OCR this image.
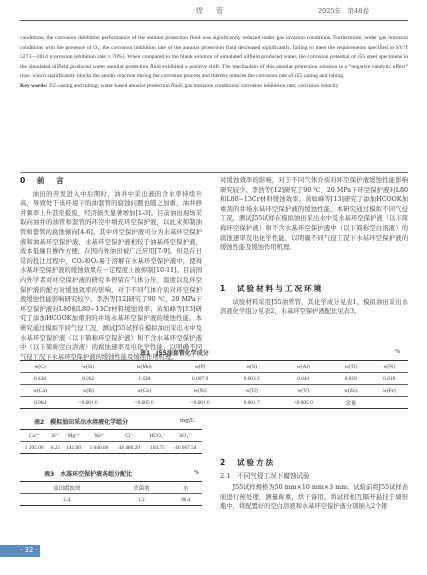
焊　管	2025年　第48卷
conditions, the corrosion inhibition performance of the annular protection fluid was significantly reduced under gas invasion conditions. Furthermore, under gas intrusion conditions with the presence of O₂, the corrosion inhibition rate of the annular protection fluid decreased significantly, failing to meet the requirements specified in SY/T 5273—2014 (corrosion inhibition rate ≥ 70%). When compared to the blank solution of simulated oilfield produced water, the corrosion potential of J55 steel specimens in the simulated oilfield produced water annular protection fluid exhibited a positive shift. The mechanism of this annular protection solution is a “negative catalytic effect” type, which significantly blocks the anodic reaction during the corrosion process and thereby reduces the corrosion rate of J55 casing and tubing.
Key words: J55 casing and tubing; water-based annular protection fluid; gas intrusion conditions; corrosion inhibition rate; corrosion velocity
0　前　言

油田的开发进入中后期时，油井中采出液的含水率持续升高，导致处于该环境下的油套管的腐蚀问题也随之加重，油井修井频率上升甚至报废，经济损失显著增加[1-3]。目前油田现场采取向油井的油管和套管的环空中填充环空保护液，以此来抑制油管和套管的腐蚀倾向[4-6]。其中环空保护液可分为水基环空保护液和油基环空保护液，水基环空保护液相较于油基环空保护液，成本低廉且操作方便，在国内外油田被广泛应用[7-9]。但是在日常的投注过程中，CO₂和O₂易于溶解在水基环空保护液中，使得水基环空保护液的缓蚀效果在一定程度上被抑制[10-11]。目前国内外学者对环空保护液的研究多停留在气体分压、温度以及环空保护液的配方对缓蚀效率的影响，对于不同气体介质对环空保护液缓蚀性能影响研究较少。李浩等[12]研究了90 ℃、20 MPa下环空保护液对L80和L80−13Cr材料缓蚀效率；黄如峰等[13]研究了添加HCOOK加重剂的井场水基环空保护液的缓蚀性能。本研究通过模拟不同气侵工况，测试J55试样在模拟油田采出水中及水基环空保护液（以下简称环空保护液）和不含水基环空保护液中（以下简称空白溶液）的腐蚀速率及电化学性能，以明确不同气侵工况下水基环空保护液的缓蚀性能及缓蚀作用机理。

对缓蚀效率的影响，对于不同气体介质对环空保护液缓蚀性能影响研究较少。李浩等[12]研究了90 ℃、20 MPa下环空保护液对L80和L80−13Cr材料缓蚀效率；黄如峰等[13]研究了添加HCOOK加重剂的井场水基环空保护液的缓蚀性能。本研究通过模拟不同气侵工况，测试J55试样在模拟油田采出水中及水基环空保护液（以下简称环空保护液）和不含水基环空保护液中（以下简称空白溶液）的腐蚀速率及电化学性能，以明确不同气侵工况下水基环空保护液的缓蚀性能及缓蚀作用机理。

1　试验材料与工况环境

试验材料采用J55油管管，其化学成分见表1。模拟油田采出水溶液化学组分见表2，水基环空保护液配比见表3。

表1　J55油套管化学成分	%
w(C)	w(Si)	w(Mn)	w(P)	w(S)	w(Al)	w(Ti)	w(N)
0.430	0.262	1.438	0.007 0	0.003 2	0.044	0.010	0.018
w(Cu)	w(B)	w(Co)	w(Ni)	w(Ti)	w(V)	w(Zn)	w(Fe)
0.064	<0.001 0	<0.005 0	<0.001 0	0.001 7	<0.005 0	余量	
表2　模拟油田采出水溶液化学组分	mg/L
Ca²⁺	K⁺	Mg²⁺	Na⁺	Cl⁻	HCO₃⁻	SO₄²⁻
1 205.00	6.25	141.00	5 040.00	44 486.20	164.75	46 667.54
表3　水基环空保护液各组分配比	%
油田缓蚀剂	杀菌剂	水
2.4	1.2	96.4
2　试验方法
2.1　不同气侵工况下腐蚀试验

J55试样规格为50 mm×10 mm×3 mm，试验前将J55试样表面进行预处理，测量称重，烘干备用。将试样相互隔开悬挂于墙形瓶中，将配置好的空白溶液和水基环空保护液分别倒入2个锥

· 32 ·
